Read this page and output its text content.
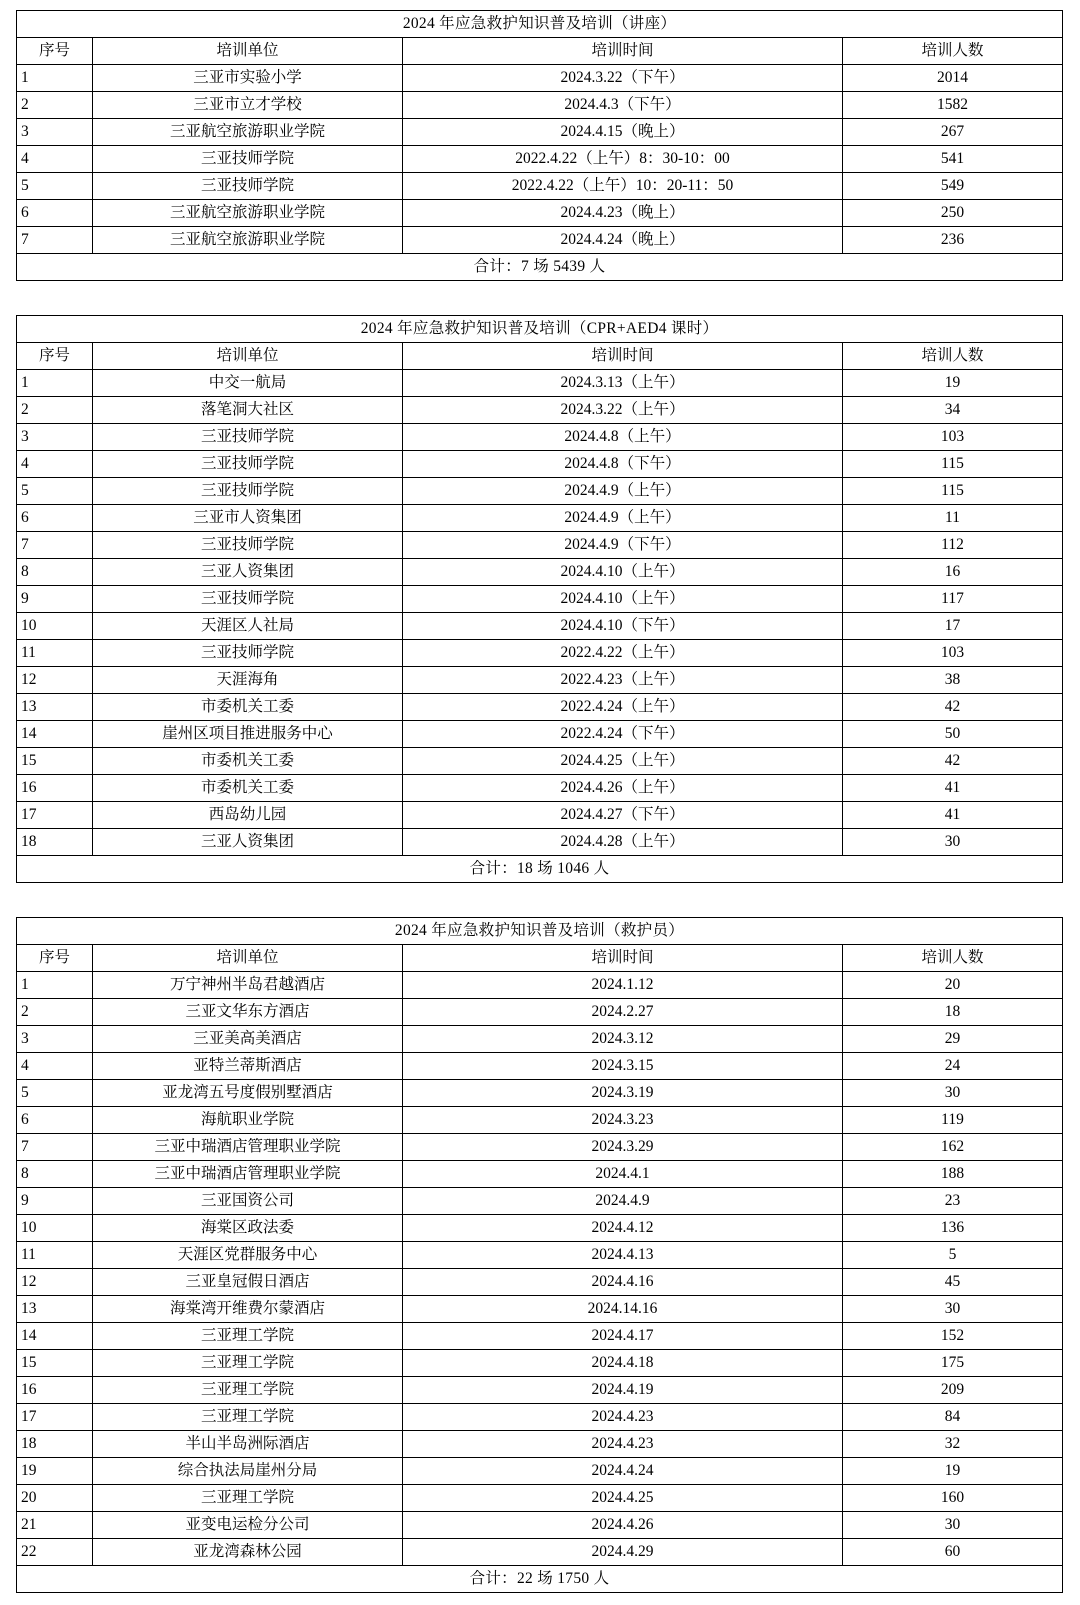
2024 年应急救护知识普及培训（讲座）			
序号	培训单位	培训时间	培训人数
1	三亚市实验小学	2024.3.22（下午）	2014
2	三亚市立才学校	2024.4.3（下午）	1582
3	三亚航空旅游职业学院	2024.4.15（晚上）	267
4	三亚技师学院	2022.4.22（上午）8：30-10：00	541
5	三亚技师学院	2022.4.22（上午）10：20-11：50	549
6	三亚航空旅游职业学院	2024.4.23（晚上）	250
7	三亚航空旅游职业学院	2024.4.24（晚上）	236
合计：7 场 5439 人			
2024 年应急救护知识普及培训（CPR+AED4 课时）			
序号	培训单位	培训时间	培训人数
1	中交一航局	2024.3.13（上午）	19
2	落笔洞大社区	2024.3.22（上午）	34
3	三亚技师学院	2024.4.8（上午）	103
4	三亚技师学院	2024.4.8（下午）	115
5	三亚技师学院	2024.4.9（上午）	115
6	三亚市人资集团	2024.4.9（上午）	11
7	三亚技师学院	2024.4.9（下午）	112
8	三亚人资集团	2024.4.10（上午）	16
9	三亚技师学院	2024.4.10（上午）	117
10	天涯区人社局	2024.4.10（下午）	17
11	三亚技师学院	2022.4.22（上午）	103
12	天涯海角	2022.4.23（上午）	38
13	市委机关工委	2022.4.24（上午）	42
14	崖州区项目推进服务中心	2022.4.24（下午）	50
15	市委机关工委	2024.4.25（上午）	42
16	市委机关工委	2024.4.26（上午）	41
17	西岛幼儿园	2024.4.27（下午）	41
18	三亚人资集团	2024.4.28（上午）	30
合计：18 场 1046 人			
2024 年应急救护知识普及培训（救护员）			
序号	培训单位	培训时间	培训人数
1	万宁神州半岛君越酒店	2024.1.12	20
2	三亚文华东方酒店	2024.2.27	18
3	三亚美高美酒店	2024.3.12	29
4	亚特兰蒂斯酒店	2024.3.15	24
5	亚龙湾五号度假别墅酒店	2024.3.19	30
6	海航职业学院	2024.3.23	119
7	三亚中瑞酒店管理职业学院	2024.3.29	162
8	三亚中瑞酒店管理职业学院	2024.4.1	188
9	三亚国资公司	2024.4.9	23
10	海棠区政法委	2024.4.12	136
11	天涯区党群服务中心	2024.4.13	5
12	三亚皇冠假日酒店	2024.4.16	45
13	海棠湾开维费尔蒙酒店	2024.14.16	30
14	三亚理工学院	2024.4.17	152
15	三亚理工学院	2024.4.18	175
16	三亚理工学院	2024.4.19	209
17	三亚理工学院	2024.4.23	84
18	半山半岛洲际酒店	2024.4.23	32
19	综合执法局崖州分局	2024.4.24	19
20	三亚理工学院	2024.4.25	160
21	亚变电运检分公司	2024.4.26	30
22	亚龙湾森林公园	2024.4.29	60
合计：22 场 1750 人			
